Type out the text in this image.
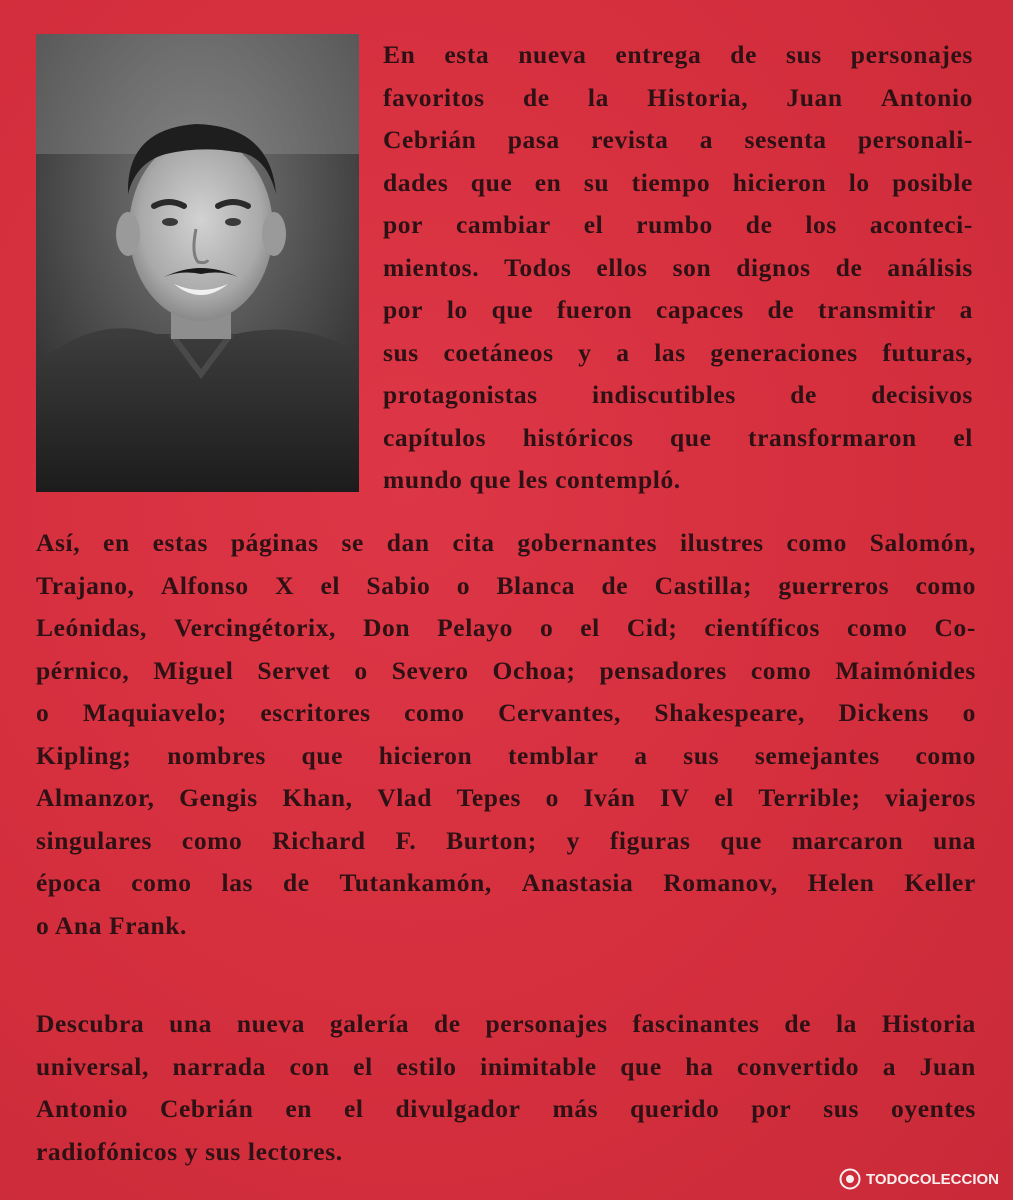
En esta nueva entrega de sus personajes
favoritos de la Historia, Juan Antonio
Cebrián pasa revista a sesenta personali-
dades que en su tiempo hicieron lo posible
por cambiar el rumbo de los aconteci-
mientos. Todos ellos son dignos de análisis
por lo que fueron capaces de transmitir a
sus coetáneos y a las generaciones futuras,
protagonistas indiscutibles de decisivos
capítulos históricos que transformaron el
mundo que les contempló.

Así, en estas páginas se dan cita gobernantes ilustres como Salomón,
Trajano, Alfonso X el Sabio o Blanca de Castilla; guerreros como
Leónidas, Vercingétorix, Don Pelayo o el Cid; científicos como Co-
pérnico, Miguel Servet o Severo Ochoa; pensadores como Maimónides
o Maquiavelo; escritores como Cervantes, Shakespeare, Dickens o
Kipling; nombres que hicieron temblar a sus semejantes como
Almanzor, Gengis Khan, Vlad Tepes o Iván IV el Terrible; viajeros
singulares como Richard F. Burton; y figuras que marcaron una
época como las de Tutankamón, Anastasia Romanov, Helen Keller
o Ana Frank.

Descubra una nueva galería de personajes fascinantes de la Historia
universal, narrada con el estilo inimitable que ha convertido a Juan
Antonio Cebrián en el divulgador más querido por sus oyentes
radiofónicos y sus lectores.

TODOCOLECCION
